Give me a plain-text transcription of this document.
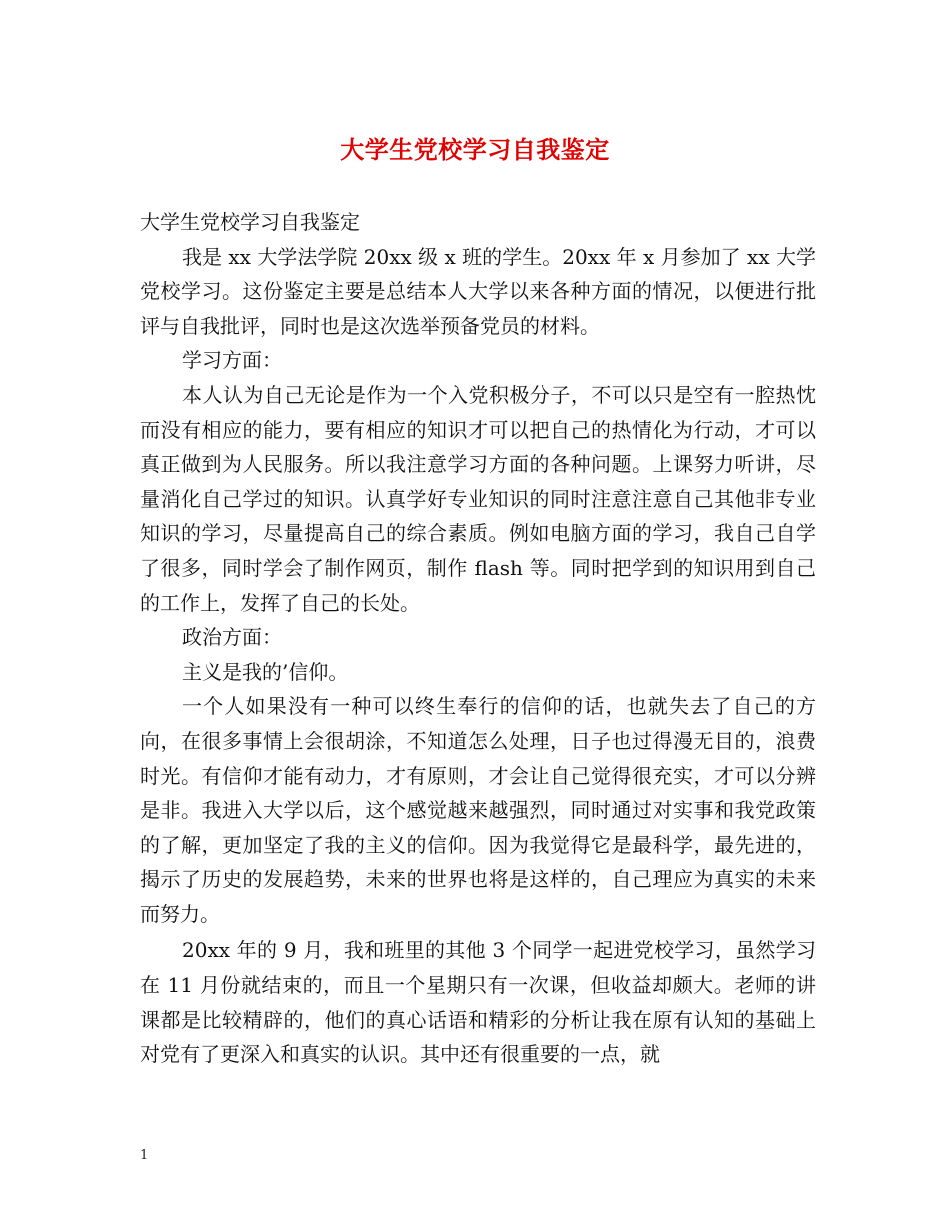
大学生党校学习自我鉴定

大学生党校学习自我鉴定

我是 xx 大学法学院 20xx 级 x 班的学生。20xx 年 x 月参加了 xx 大学党校学习。这份鉴定主要是总结本人大学以来各种方面的情况，以便进行批评与自我批评，同时也是这次选举预备党员的材料。

学习方面：

本人认为自己无论是作为一个入党积极分子，不可以只是空有一腔热忱而没有相应的能力，要有相应的知识才可以把自己的热情化为行动，才可以真正做到为人民服务。所以我注意学习方面的各种问题。上课努力听讲，尽量消化自己学过的知识。认真学好专业知识的同时注意注意自己其他非专业知识的学习，尽量提高自己的综合素质。例如电脑方面的学习，我自己自学了很多，同时学会了制作网页，制作 flash 等。同时把学到的知识用到自己的工作上，发挥了自己的长处。

政治方面：

主义是我的’信仰。

一个人如果没有一种可以终生奉行的信仰的话，也就失去了自己的方向，在很多事情上会很胡涂，不知道怎么处理，日子也过得漫无目的，浪费时光。有信仰才能有动力，才有原则，才会让自己觉得很充实，才可以分辨是非。我进入大学以后，这个感觉越来越强烈，同时通过对实事和我党政策的了解，更加坚定了我的主义的信仰。因为我觉得它是最科学，最先进的，揭示了历史的发展趋势，未来的世界也将是这样的，自己理应为真实的未来而努力。

20xx 年的 9 月，我和班里的其他 3 个同学一起进党校学习，虽然学习在 11 月份就结束的，而且一个星期只有一次课，但收益却颇大。老师的讲课都是比较精辟的，他们的真心话语和精彩的分析让我在原有认知的基础上对党有了更深入和真实的认识。其中还有很重要的一点，就

1
